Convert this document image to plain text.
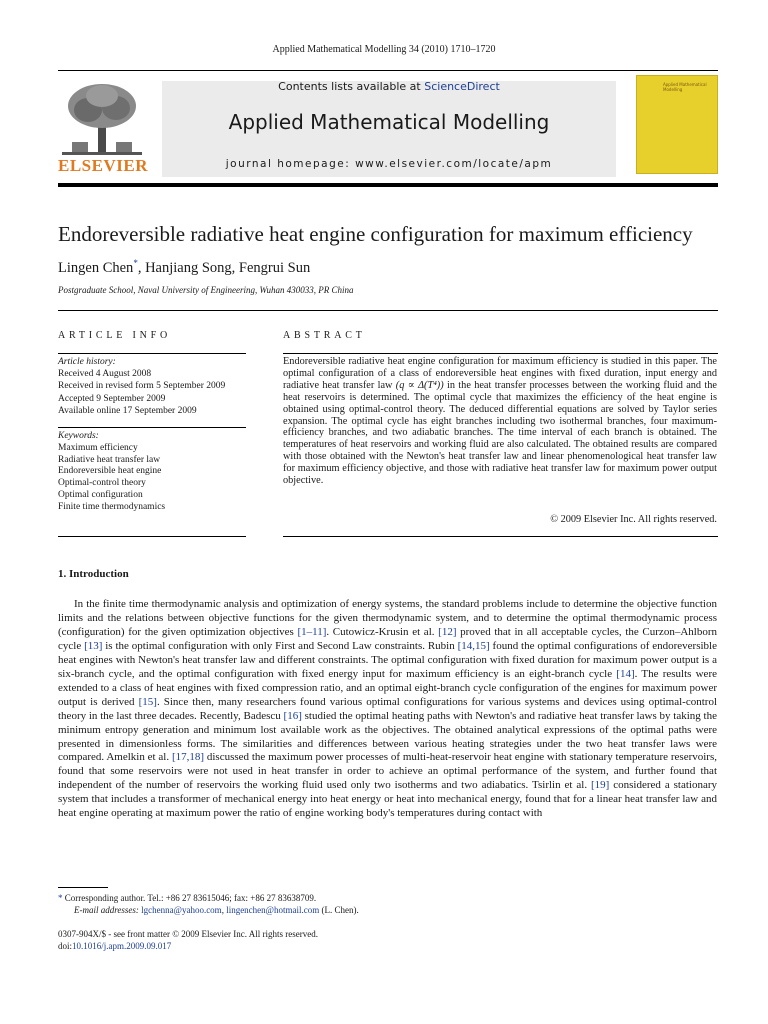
Applied Mathematical Modelling 34 (2010) 1710–1720
ELSEVIER
Contents lists available at ScienceDirect
Applied Mathematical Modelling
journal homepage: www.elsevier.com/locate/apm
Applied Mathematical Modelling
Endoreversible radiative heat engine configuration for maximum efficiency
Lingen Chen*, Hanjiang Song, Fengrui Sun
Postgraduate School, Naval University of Engineering, Wuhan 430033, PR China
ARTICLE INFO	ABSTRACT
Article history:
Received 4 August 2008
Received in revised form 5 September 2009
Accepted 9 September 2009
Available online 17 September 2009
Keywords:
Maximum efficiency
Radiative heat transfer law
Endoreversible heat engine
Optimal-control theory
Optimal configuration
Finite time thermodynamics
Endoreversible radiative heat engine configuration for maximum efficiency is studied in this paper. The optimal configuration of a class of endoreversible heat engines with fixed duration, input energy and radiative heat transfer law (q ∝ Δ(T⁴)) in the heat transfer processes between the working fluid and the heat reservoirs is determined. The optimal cycle that maximizes the efficiency of the heat engine is obtained using optimal-control theory. The deduced differential equations are solved by Taylor series expansion. The optimal cycle has eight branches including two isothermal branches, four maximum-efficiency branches, and two adiabatic branches. The time interval of each branch is obtained. The temperatures of heat reservoirs and working fluid are also calculated. The obtained results are compared with those obtained with the Newton's heat transfer law and linear phenomenological heat transfer law for maximum efficiency objective, and those with radiative heat transfer law for maximum power output objective.
© 2009 Elsevier Inc. All rights reserved.
1. Introduction
In the finite time thermodynamic analysis and optimization of energy systems, the standard problems include to determine the objective function limits and the relations between objective functions for the given thermodynamic system, and to determine the optimal thermodynamic process (configuration) for the given optimization objectives [1–11]. Cutowicz-Krusin et al. [12] proved that in all acceptable cycles, the Curzon–Ahlborn cycle [13] is the optimal configuration with only First and Second Law constraints. Rubin [14,15] found the optimal configurations of endoreversible heat engines with Newton's heat transfer law and different constraints. The optimal configuration with fixed duration for maximum power output is a six-branch cycle, and the optimal configuration with fixed energy input for maximum efficiency is an eight-branch cycle [14]. The results were extended to a class of heat engines with fixed compression ratio, and an optimal eight-branch cycle configuration of the engines for maximum power output is derived [15]. Since then, many researchers found various optimal configurations for various systems and devices using optimal-control theory in the last three decades. Recently, Badescu [16] studied the optimal heating paths with Newton's and radiative heat transfer laws by taking the minimum entropy generation and minimum lost available work as the objectives. The obtained analytical expressions of the optimal paths were presented in dimensionless forms. The similarities and differences between various heating strategies under the two heat transfer laws were compared. Amelkin et al. [17,18] discussed the maximum power processes of multi-heat-reservoir heat engine with stationary temperature reservoirs, found that some reservoirs were not used in heat transfer in order to achieve an optimal performance of the system, and further found that independent of the number of reservoirs the working fluid used only two isotherms and two adiabatics. Tsirlin et al. [19] considered a stationary system that includes a transformer of mechanical energy into heat energy or heat into mechanical energy, found that for a linear heat transfer law and heat engine operating at maximum power the ratio of engine working body's temperatures during contact with
* Corresponding author. Tel.: +86 27 83615046; fax: +86 27 83638709.
E-mail addresses: lgchenna@yahoo.com, lingenchen@hotmail.com (L. Chen).
0307-904X/$ - see front matter © 2009 Elsevier Inc. All rights reserved.
doi:10.1016/j.apm.2009.09.017
